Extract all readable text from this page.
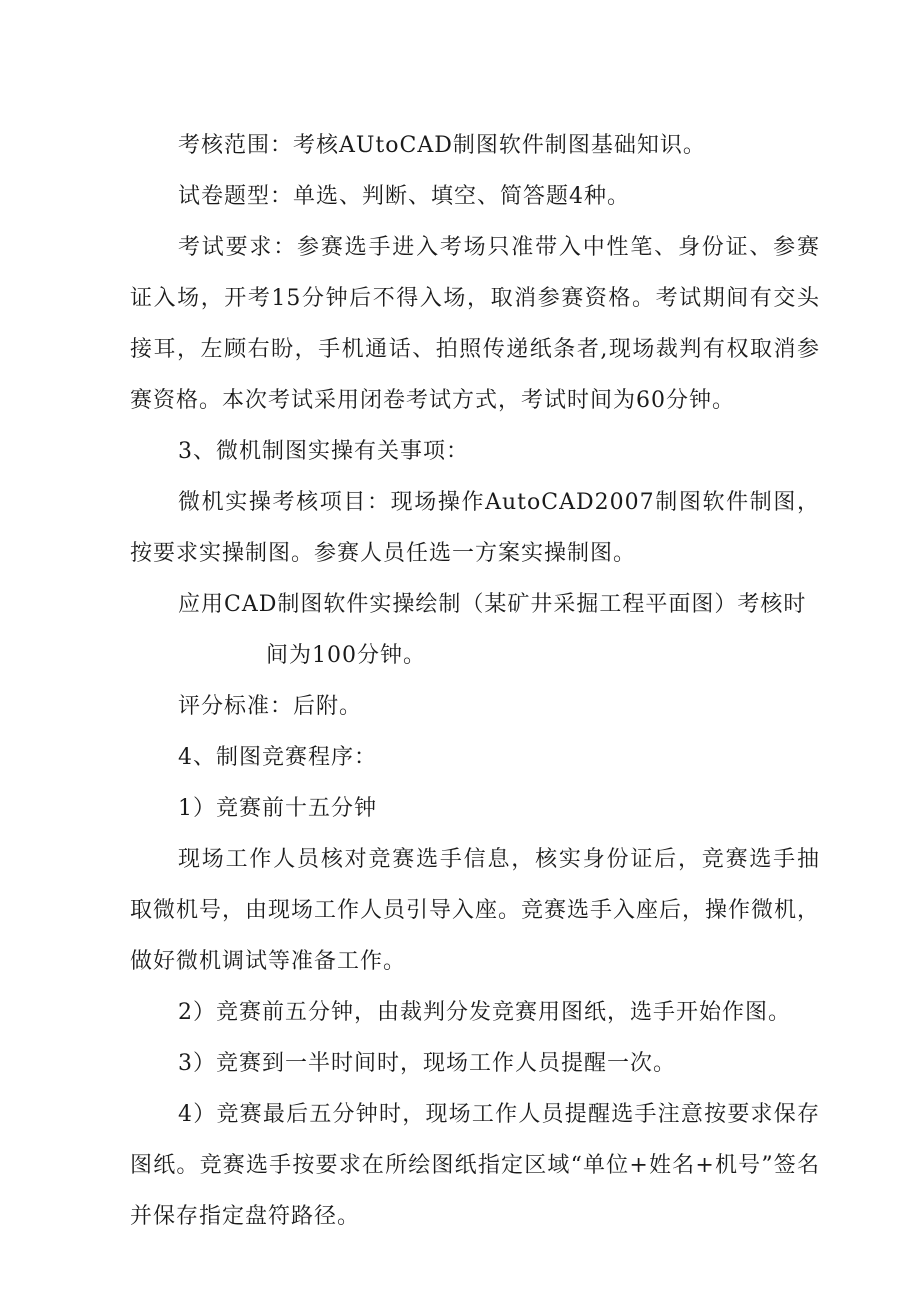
考核范围：考核AUtoCAD制图软件制图基础知识。

试卷题型：单选、判断、填空、简答题4种。

考试要求：参赛选手进入考场只准带入中性笔、身份证、参赛证入场，开考15分钟后不得入场，取消参赛资格。考试期间有交头接耳，左顾右盼，手机通话、拍照传递纸条者,现场裁判有权取消参赛资格。本次考试采用闭卷考试方式，考试时间为60分钟。

3、微机制图实操有关事项：

微机实操考核项目：现场操作AutoCAD2007制图软件制图，按要求实操制图。参赛人员任选一方案实操制图。

应用CAD制图软件实操绘制（某矿井采掘工程平面图）考核时
间为100分钟。

评分标准：后附。

4、制图竞赛程序：

1）竞赛前十五分钟

现场工作人员核对竞赛选手信息，核实身份证后，竞赛选手抽取微机号，由现场工作人员引导入座。竞赛选手入座后，操作微机，做好微机调试等准备工作。

2）竞赛前五分钟，由裁判分发竞赛用图纸，选手开始作图。

3）竞赛到一半时间时，现场工作人员提醒一次。

4）竞赛最后五分钟时，现场工作人员提醒选手注意按要求保存图纸。竞赛选手按要求在所绘图纸指定区域“单位+姓名+机号”签名并保存指定盘符路径。
